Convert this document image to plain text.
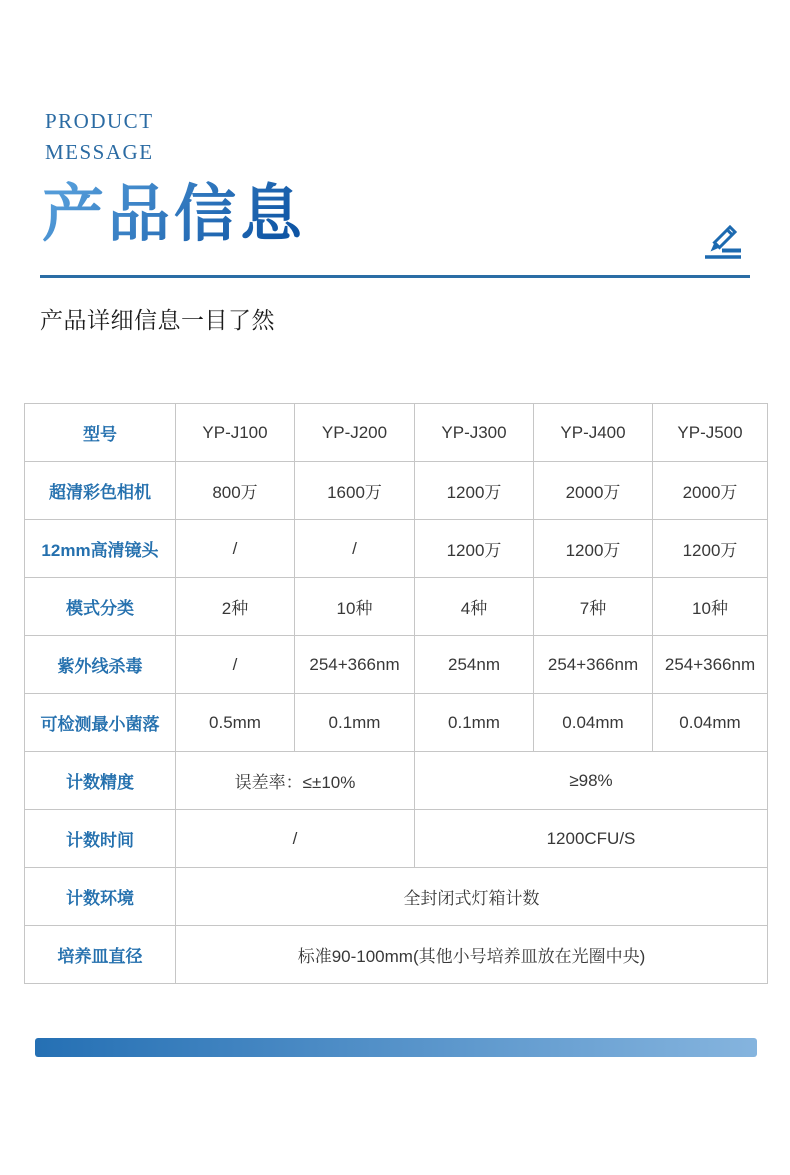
PRODUCT
MESSAGE
产品信息
产品详细信息一目了然
型号	YP-J100	YP-J200	YP-J300	YP-J400	YP-J500
超清彩色相机	800万	1600万	1200万	2000万	2000万
12mm高清镜头	/	/	1200万	1200万	1200万
模式分类	2种	10种	4种	7种	10种
紫外线杀毒	/	254+366nm	254nm	254+366nm	254+366nm
可检测最小菌落	0.5mm	0.1mm	0.1mm	0.04mm	0.04mm
计数精度	误差率：≤±10%		≥98%		
计数时间	/		1200CFU/S		
计数环境	全封闭式灯箱计数				
培养皿直径	标准90-100mm(其他小号培养皿放在光圈中央)				
